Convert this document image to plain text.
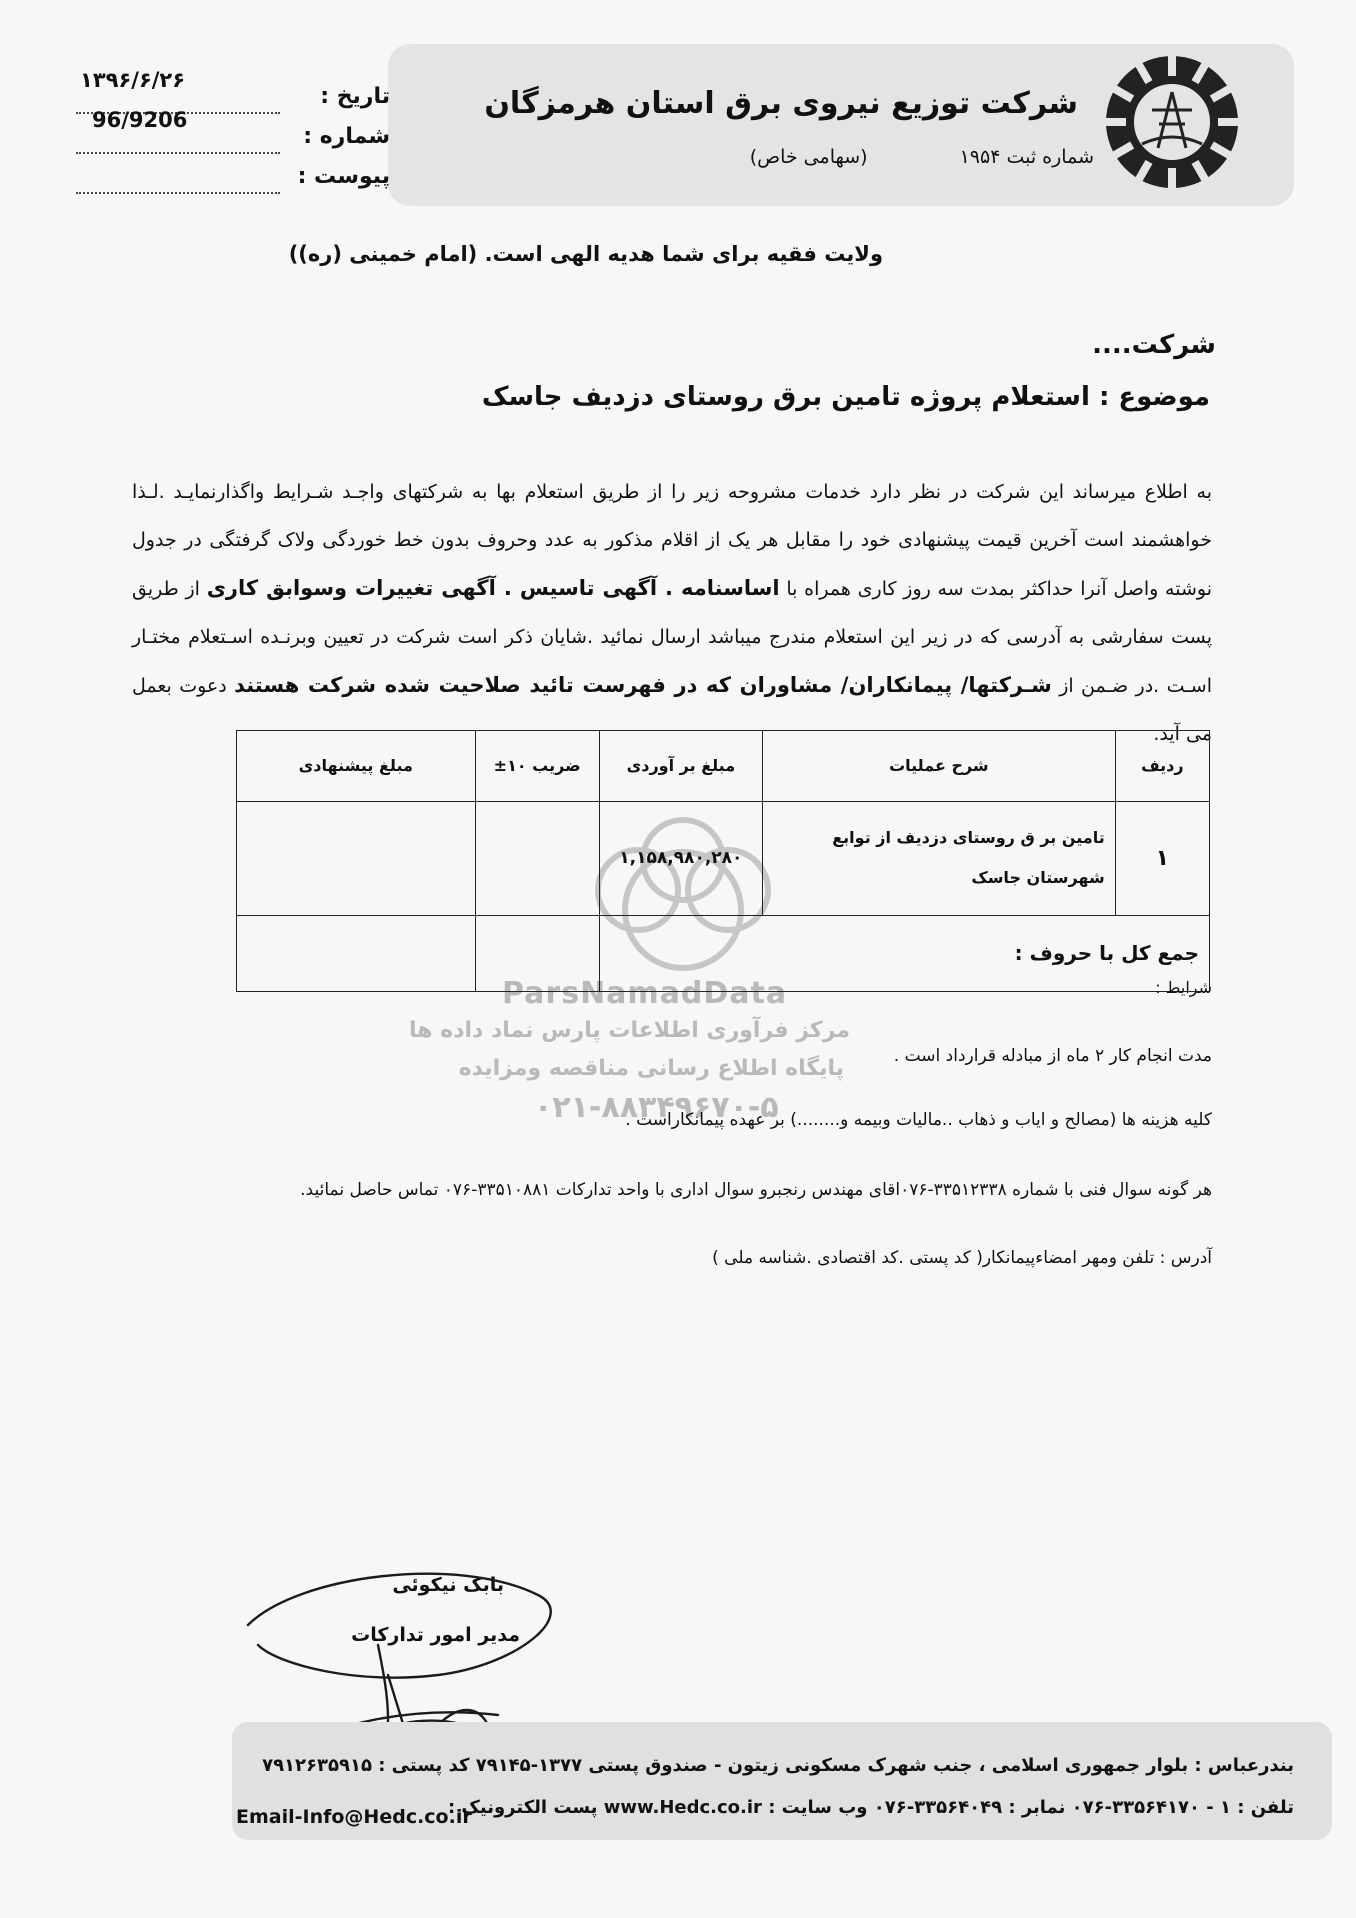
شرکت توزیع نیروی برق استان هرمزگان
شماره ثبت ۱۹۵۴(سهامی خاص)
تاریخ :
۱۳۹۶/۶/۲۶
شماره :
96/9206
پیوست :
ولایت فقیه برای شما هدیه الهی است. (امام خمینی (ره))
شرکت....
موضوع : استعلام پروژه تامین برق روستای دزدیف جاسک

به اطلاع میرساند این شرکت در نظر دارد خدمات مشروحه زیر را از طریق استعلام بها به شرکتهای واجـد شـرایط واگذارنمایـد .لـذا خواهشمند است آخرین قیمت پیشنهادی خود را مقابل هر یک از اقلام مذکور به عدد وحروف بدون خط خوردگی ولاک گرفتگی در جدول نوشته واصل آنرا حداکثر بمدت سه روز کاری همراه با اساسنامه . آگهی تاسیس . آگهی تغییرات وسوابق کاری از طریق پست سفارشی به آدرسی که در زیر این استعلام مندرج میباشد ارسال نمائید .شایان ذکر است شرکت در تعیین وبرنـده اسـتعلام مختـار اسـت .در ضـمن از شـرکتها/ پیمانکاران/ مشاوران که در فهرست تائید صلاحیت شده شرکت هستند دعوت بعمل می آید.

ParsNamadData
مرکز فرآوری اطلاعات پارس نماد داده ها
پایگاه اطلاع رسانی مناقصه ومزایده
۰۲۱-۸۸۳۴۹۶۷۰-۵
ردیف	شرح عملیات	مبلغ بر آوردی	ضریب ۱۰±	مبلغ پیشنهادی
۱	تامین بر ق روستای دزدیف از توابع شهرستان جاسک	۱,۱۵۸,۹۸۰,۲۸۰		
جمع کل با حروف :				
شرایط :
مدت انجام کار ۲ ماه از مبادله قرارداد است .
کلیه هزینه ها (مصالح و اياب و ذهاب ..ماليات وبيمه و........) بر عهده پیمانکاراست .
هر گونه سوال فنی با شماره ۳۳۵۱۲۳۳۸-۰۷۶اقای مهندس رنجبرو سوال اداری با واحد تدارکات ۳۳۵۱۰۸۸۱-۰۷۶ تماس حاصل نمائید.
آدرس : تلفن ومهر امضاءپیمانکار( کد پستی .کد اقتصادی .شناسه ملی )
بابک نیکوئی
مدیر امور تدارکات
بندرعباس : بلوار جمهوری اسلامی ، جنب شهرک مسکونی زیتون - صندوق پستی ۱۳۷۷-۷۹۱۴۵ کد پستی : ۷۹۱۲۶۳۵۹۱۵
تلفن : ۱ - ۳۳۵۶۴۱۷۰-۰۷۶ نمابر : ۳۳۵۶۴۰۴۹-۰۷۶ وب سایت : www.Hedc.co.ir پست الکترونیک :
Email-Info@Hedc.co.ir
